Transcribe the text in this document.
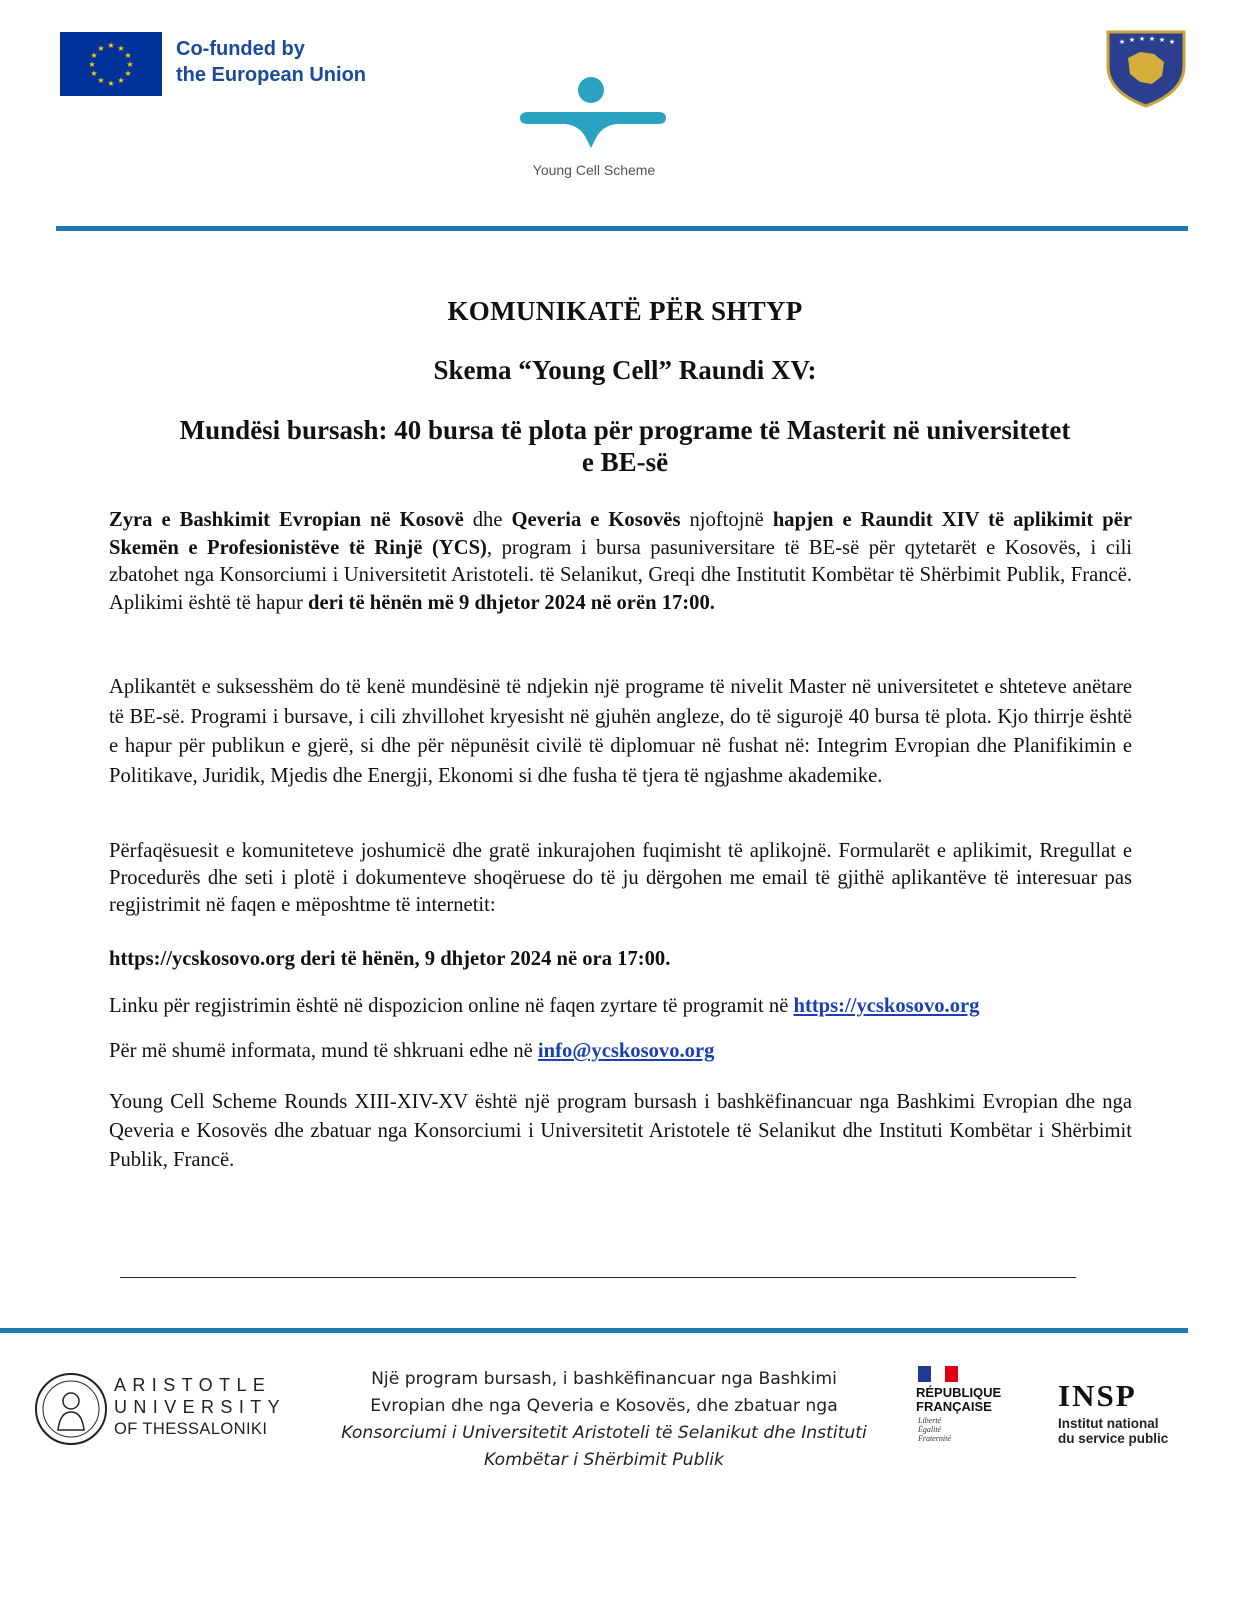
★ ★
★
★
★
★
★
★
★
★
★
★	Co-funded by
the European Union
Young Cell Scheme
★ ★ ★ ★ ★ ★
KOMUNIKATË PËR SHTYP
Skema “Young Cell” Raundi XV:
Mundësi bursash: 40 bursa të plota për programe të Masterit në universitetet
e BE-së
Zyra e Bashkimit Evropian në Kosovë dhe Qeveria e Kosovës njoftojnë hapjen e Raundit XIV të aplikimit për Skemën e Profesionistëve të Rinjë (YCS), program i bursa pasuniversitare të BE-së për qytetarët e Kosovës, i cili zbatohet nga Konsorciumi i Universitetit Aristoteli. të Selanikut, Greqi dhe Institutit Kombëtar të Shërbimit Publik, Francë. Aplikimi është të hapur deri të hënën më 9 dhjetor 2024 në orën 17:00.
Aplikantët e suksesshëm do të kenë mundësinë të ndjekin një programe të nivelit Master në universitetet e shteteve anëtare të BE-së. Programi i bursave, i cili zhvillohet kryesisht në gjuhën angleze, do të sigurojë 40 bursa të plota. Kjo thirrje është e hapur për publikun e gjerë, si dhe për nëpunësit civilë të diplomuar në fushat në: Integrim Evropian dhe Planifikimin e Politikave, Juridik, Mjedis dhe Energji, Ekonomi si dhe fusha të tjera të ngjashme akademike.
Përfaqësuesit e komuniteteve joshumicë dhe gratë inkurajohen fuqimisht të aplikojnë. Formularët e aplikimit, Rregullat e Procedurës dhe seti i plotë i dokumenteve shoqëruese do të ju dërgohen me email të gjithë aplikantëve të interesuar pas regjistrimit në faqen e mëposhtme të internetit:
https://ycskosovo.org deri të hënën, 9 dhjetor 2024 në ora 17:00.
Linku për regjistrimin është në dispozicion online në faqen zyrtare të programit në https://ycskosovo.org
Për më shumë informata, mund të shkruani edhe në info@ycskosovo.org
Young Cell Scheme Rounds XIII-XIV-XV është një program bursash i bashkëfinancuar nga Bashkimi Evropian dhe nga Qeveria e Kosovës dhe zbatuar nga Konsorciumi i Universitetit Aristotele të Selanikut dhe Instituti Kombëtar i Shërbimit Publik, Francë.
ARISTOTLE
UNIVERSITY
OF THESSALONIKI
Një program bursash, i bashkëfinancuar nga Bashkimi
Evropian dhe nga Qeveria e Kosovës, dhe zbatuar nga
Konsorciumi i Universitetit Aristoteli të Selanikut dhe Instituti
Kombëtar i Shërbimit Publik
RÉPUBLIQUE
FRANÇAISE
Liberté
Égalité
Fraternité
INSP
Institut national
du service public
